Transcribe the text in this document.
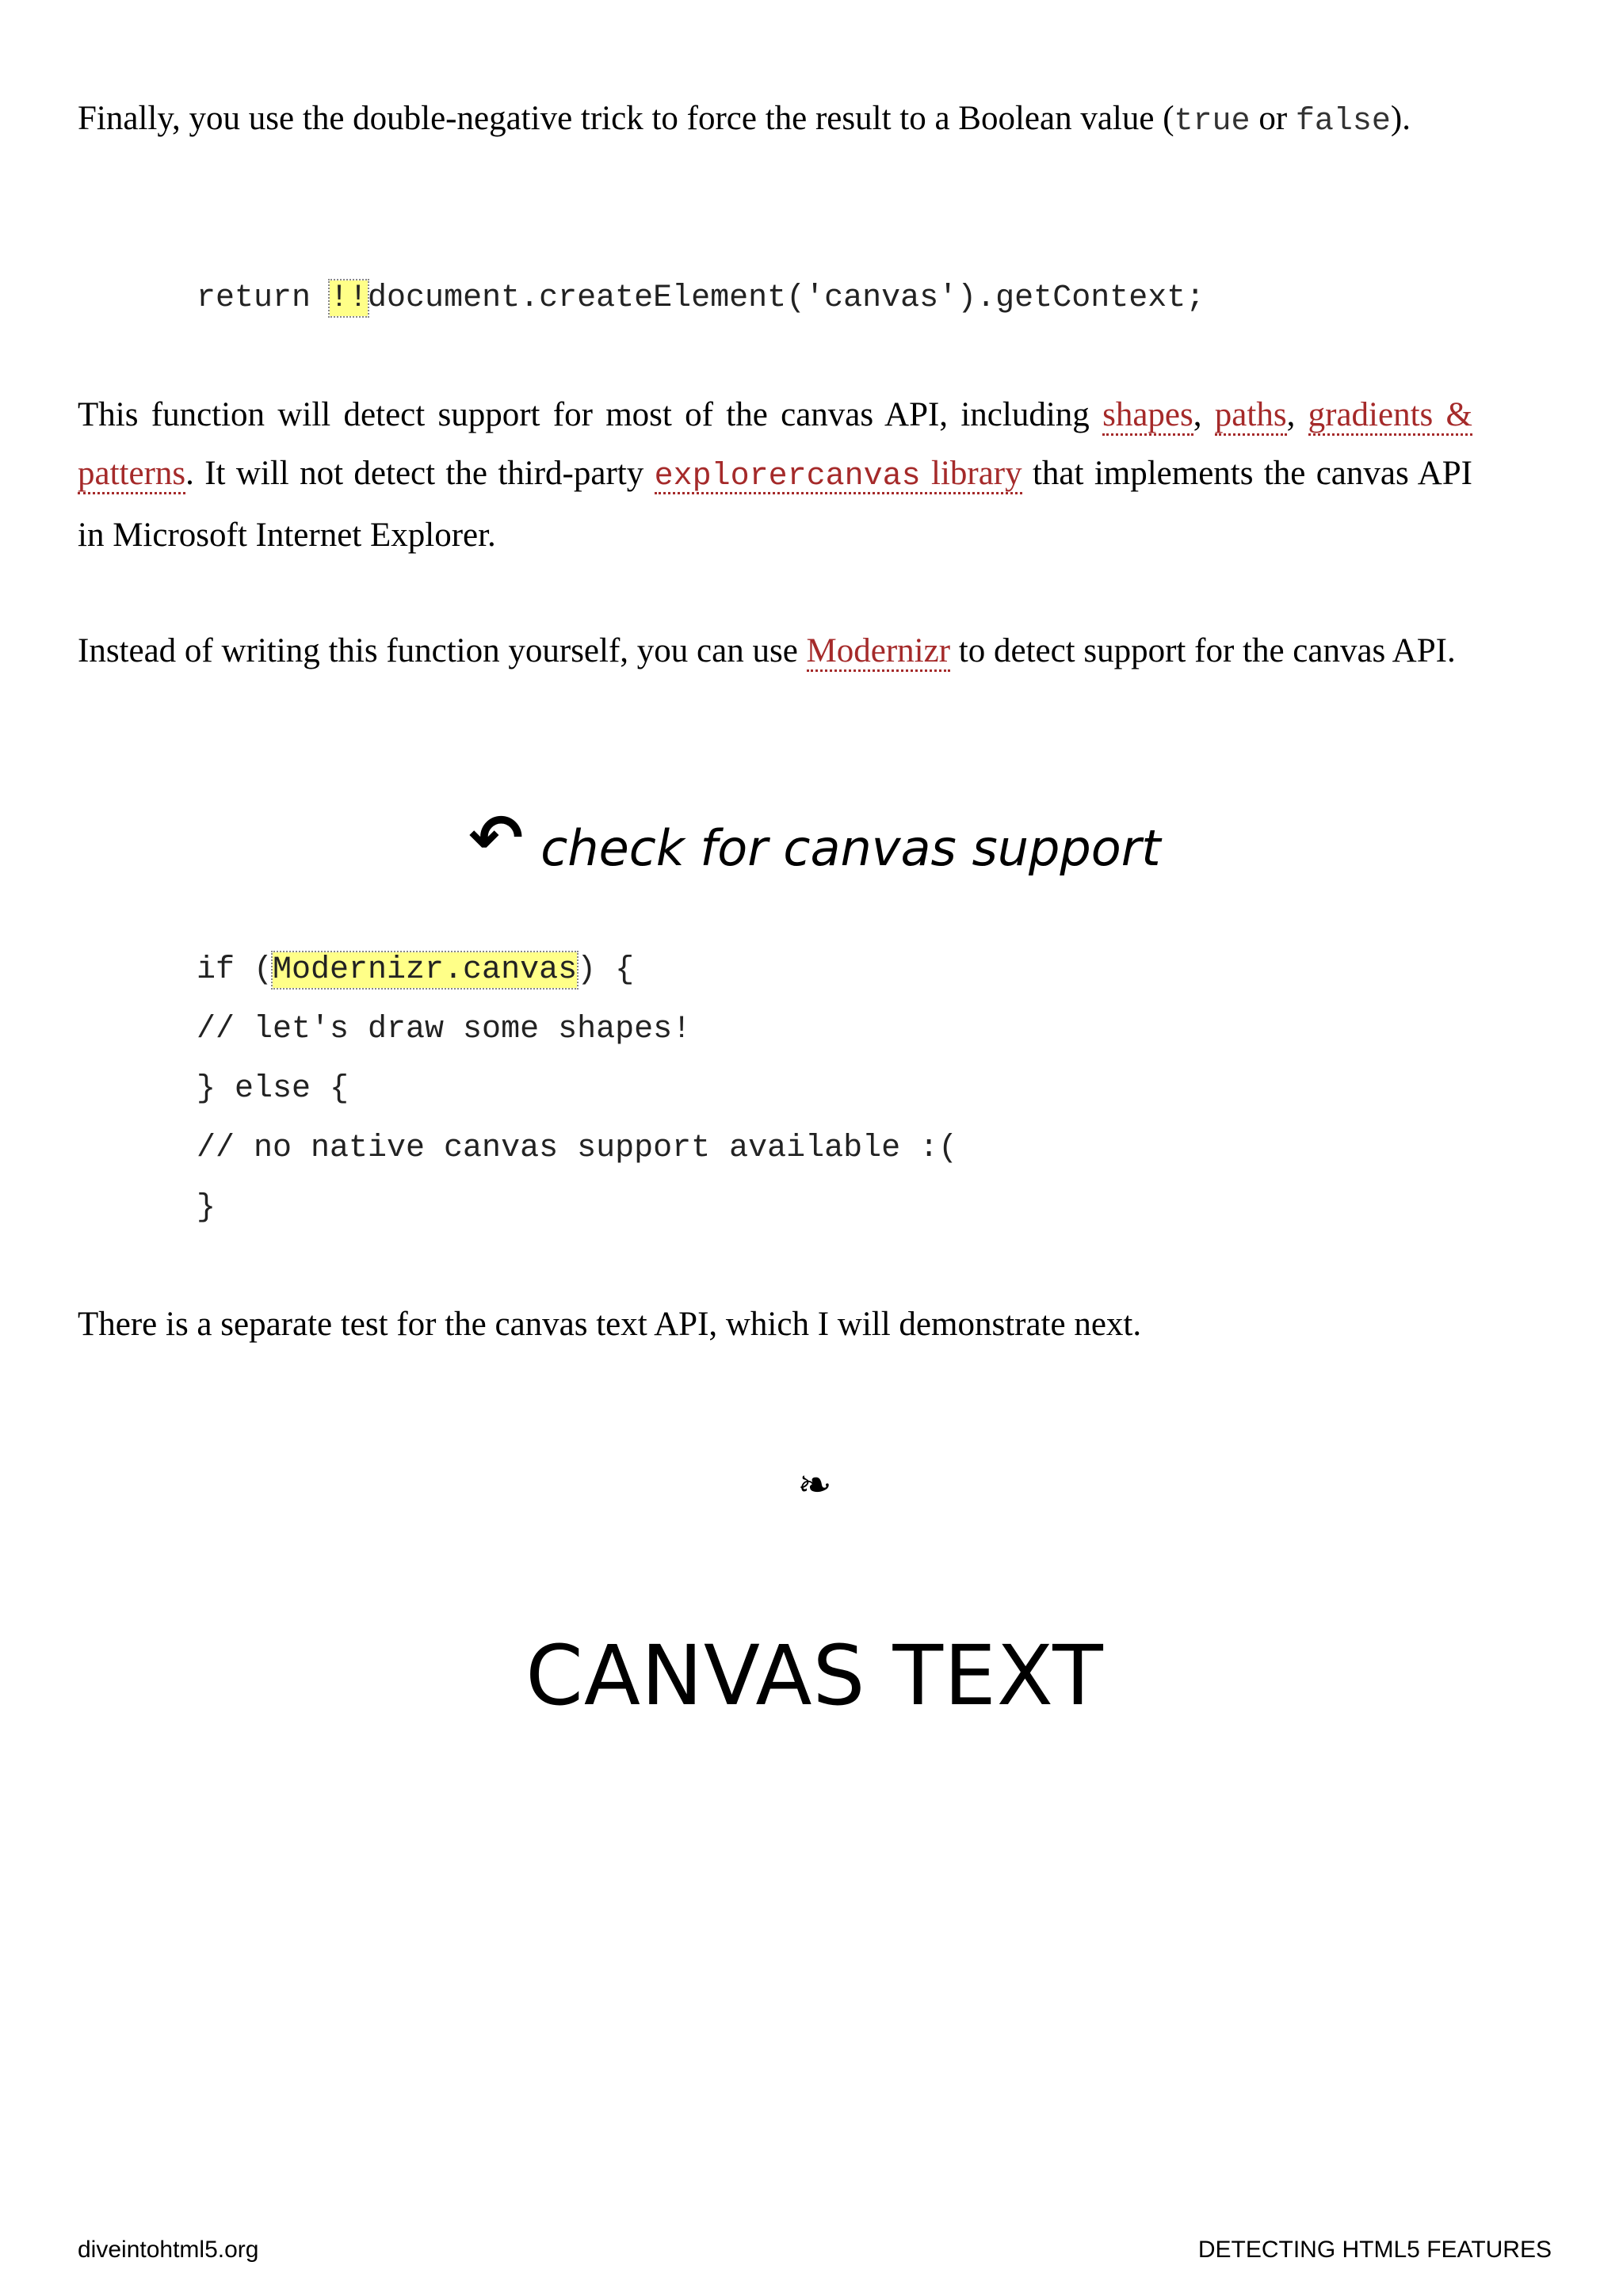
Finally, you use the double-negative trick to force the result to a Boolean value (true or false).

return !!document.createElement('canvas').getContext;

This function will detect support for most of the canvas API, including shapes, paths, gradients & patterns. It will not detect the third-party explorercanvas library that implements the canvas API in Microsoft Internet Explorer.

Instead of writing this function yourself, you can use Modernizr to detect support for the canvas API.

↶ check for canvas support
if (Modernizr.canvas) {
// let's draw some shapes!
} else {
// no native canvas support available :(
}

There is a separate test for the canvas text API, which I will demonstrate next.

❧
CANVAS TEXT
diveintohtml5.org	DETECTING HTML5 FEATURES
